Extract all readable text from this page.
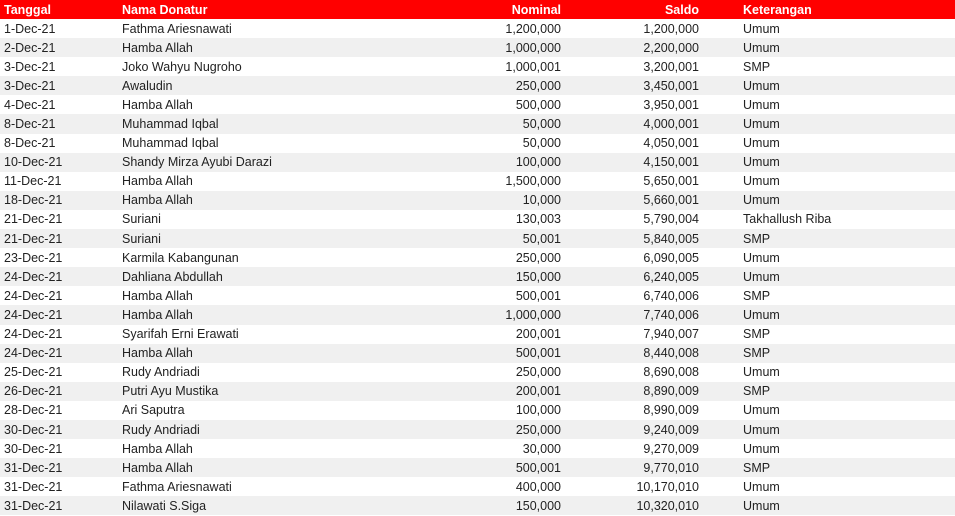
Tanggal	Nama Donatur	Nominal	Saldo	Keterangan
1-Dec-21	Fathma Ariesnawati	1,200,000	1,200,000	Umum
2-Dec-21	Hamba Allah	1,000,000	2,200,000	Umum
3-Dec-21	Joko Wahyu Nugroho	1,000,001	3,200,001	SMP
3-Dec-21	Awaludin	250,000	3,450,001	Umum
4-Dec-21	Hamba Allah	500,000	3,950,001	Umum
8-Dec-21	Muhammad Iqbal	50,000	4,000,001	Umum
8-Dec-21	Muhammad Iqbal	50,000	4,050,001	Umum
10-Dec-21	Shandy Mirza Ayubi Darazi	100,000	4,150,001	Umum
11-Dec-21	Hamba Allah	1,500,000	5,650,001	Umum
18-Dec-21	Hamba Allah	10,000	5,660,001	Umum
21-Dec-21	Suriani	130,003	5,790,004	Takhallush Riba
21-Dec-21	Suriani	50,001	5,840,005	SMP
23-Dec-21	Karmila Kabangunan	250,000	6,090,005	Umum
24-Dec-21	Dahliana Abdullah	150,000	6,240,005	Umum
24-Dec-21	Hamba Allah	500,001	6,740,006	SMP
24-Dec-21	Hamba Allah	1,000,000	7,740,006	Umum
24-Dec-21	Syarifah Erni Erawati	200,001	7,940,007	SMP
24-Dec-21	Hamba Allah	500,001	8,440,008	SMP
25-Dec-21	Rudy Andriadi	250,000	8,690,008	Umum
26-Dec-21	Putri Ayu Mustika	200,001	8,890,009	SMP
28-Dec-21	Ari Saputra	100,000	8,990,009	Umum
30-Dec-21	Rudy Andriadi	250,000	9,240,009	Umum
30-Dec-21	Hamba Allah	30,000	9,270,009	Umum
31-Dec-21	Hamba Allah	500,001	9,770,010	SMP
31-Dec-21	Fathma Ariesnawati	400,000	10,170,010	Umum
31-Dec-21	Nilawati S.Siga	150,000	10,320,010	Umum
